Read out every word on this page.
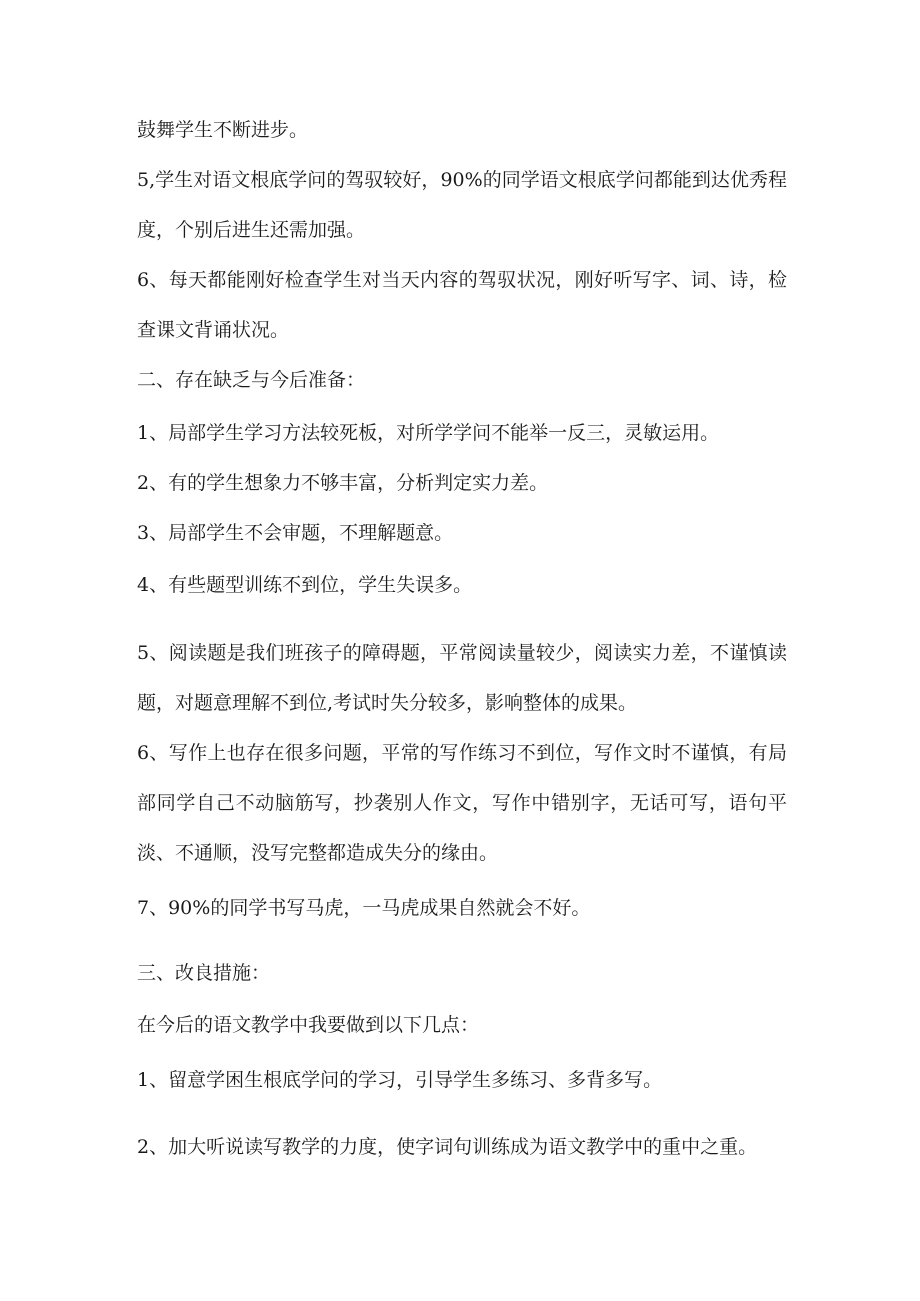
鼓舞学生不断进步。

5,学生对语文根底学问的驾驭较好，90%的同学语文根底学问都能到达优秀程度，个别后进生还需加强。

6、每天都能刚好检查学生对当天内容的驾驭状况，刚好听写字、词、诗，检查课文背诵状况。

二、存在缺乏与今后准备：

1、局部学生学习方法较死板，对所学学问不能举一反三，灵敏运用。

2、有的学生想象力不够丰富，分析判定实力差。

3、局部学生不会审题，不理解题意。

4、有些题型训练不到位，学生失误多。

5、阅读题是我们班孩子的障碍题，平常阅读量较少，阅读实力差，不谨慎读题，对题意理解不到位,考试时失分较多，影响整体的成果。

6、写作上也存在很多问题，平常的写作练习不到位，写作文时不谨慎，有局部同学自己不动脑筋写，抄袭别人作文，写作中错别字，无话可写，语句平淡、不通顺，没写完整都造成失分的缘由。

7、90%的同学书写马虎，一马虎成果自然就会不好。

三、改良措施：

在今后的语文教学中我要做到以下几点：

1、留意学困生根底学问的学习，引导学生多练习、多背多写。

2、加大听说读写教学的力度，使字词句训练成为语文教学中的重中之重。
